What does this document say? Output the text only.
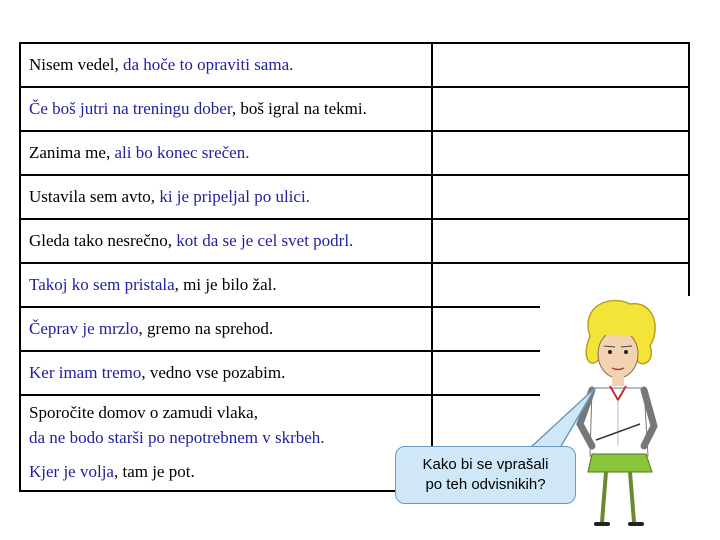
Nisem vedel, da hoče to opraviti sama.	
Če boš jutri na treningu dober, boš igral na tekmi.	
Zanima me, ali bo konec srečen.	
Ustavila sem avto, ki je pripeljal po ulici.	
Gleda tako nesrečno, kot da se je cel svet podrl.	
Takoj ko sem pristala, mi je bilo žal.	
Čeprav je mrzlo, gremo na sprehod.	
Ker imam tremo, vedno vse pozabim.	
Sporočite domov o zamudi vlaka,
da ne bodo starši po nepotrebnem v skrbeh.
Kjer je volja, tam je pot.		Kako bi se vprašali
po teh odvisnikih?
